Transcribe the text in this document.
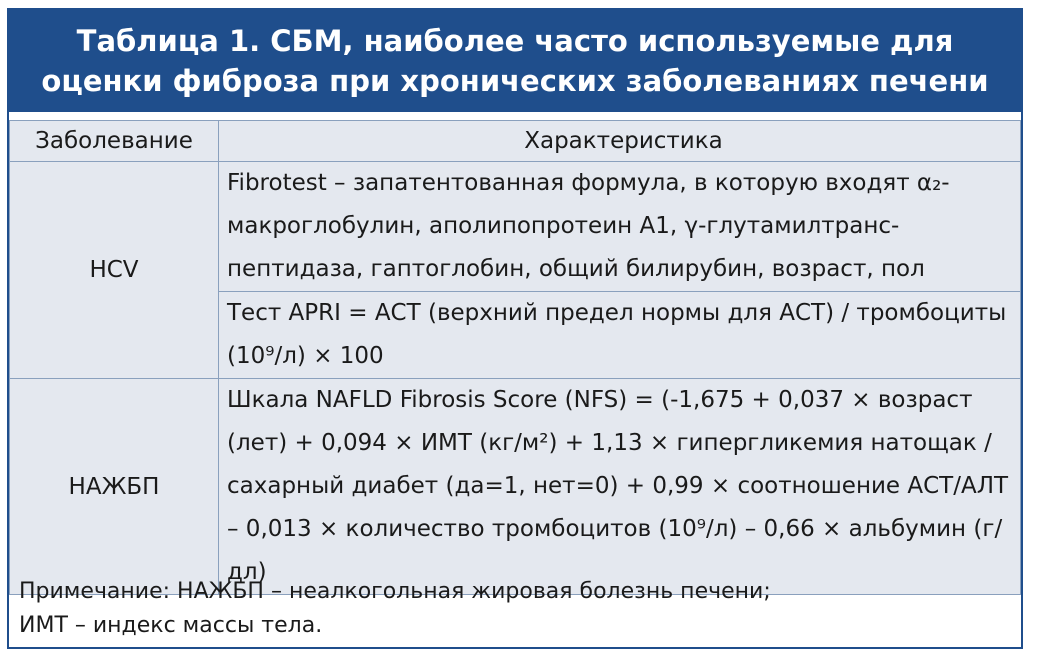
Таблица 1. СБМ, наиболее часто используемые для
оценки фиброза при хронических заболеваниях печени
Заболевание	Характеристика
HCV	Fibrotest – запатентованная формула, в которую входят α₂-макроглобулин, аполипопротеин А1, γ-глутамилтранс-пептидаза, гаптоглобин, общий билирубин, возраст, пол
	Тест APRI = АСТ (верхний предел нормы для АСТ) / тромбоциты (10⁹/л) × 100
НАЖБП	Шкала NAFLD Fibrosis Score (NFS) = (-1,675 + 0,037 × возраст (лет) + 0,094 × ИМТ (кг/м²) + 1,13 × гипергликемия натощак / сахарный диабет (да=1, нет=0) + 0,99 × соотношение АСТ/АЛТ – 0,013 × количество тромбоцитов (10⁹/л) – 0,66 × альбумин (г/дл)
Примечание: НАЖБП – неалкогольная жировая болезнь печени;
ИМТ – индекс массы тела.
